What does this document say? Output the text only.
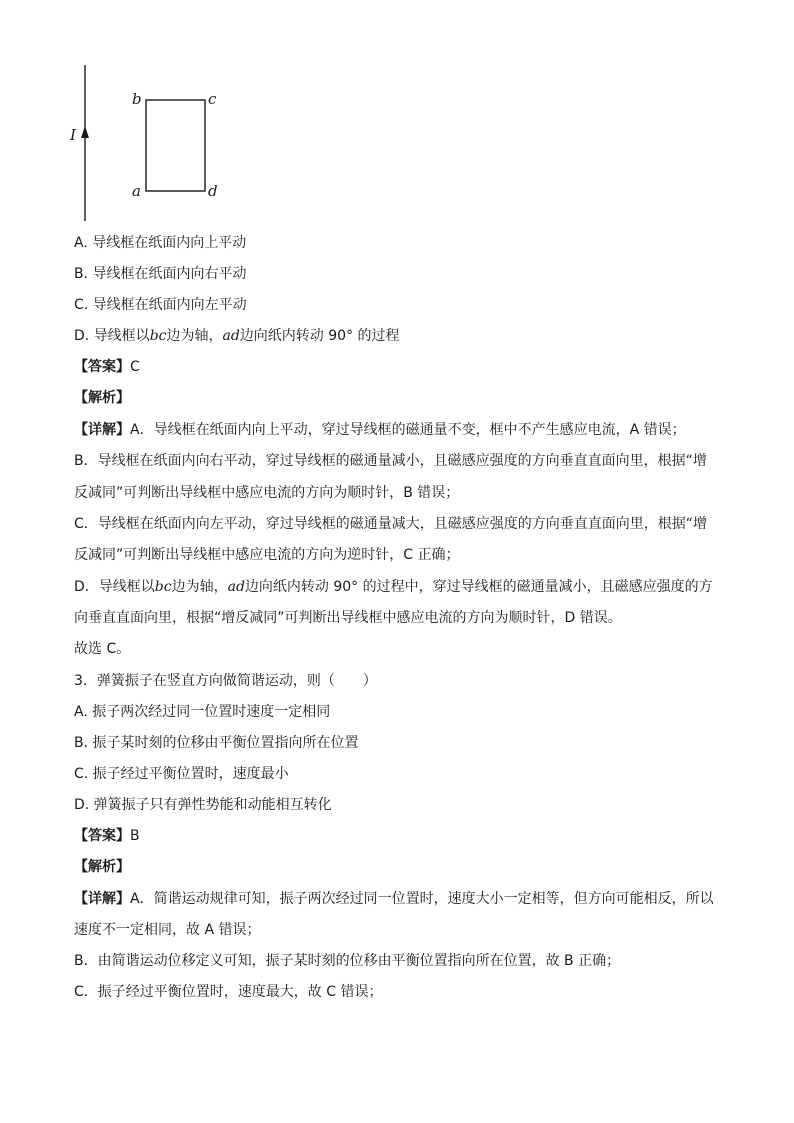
I
b	c
a	d
A. 导线框在纸面内向上平动
B. 导线框在纸面内向右平动
C. 导线框在纸面内向左平动
D. 导线框以bc边为轴，ad边向纸内转动 90° 的过程
【答案】C
【解析】
【详解】A．导线框在纸面内向上平动，穿过导线框的磁通量不变，框中不产生感应电流，A 错误；
B．导线框在纸面内向右平动，穿过导线框的磁通量减小，且磁感应强度的方向垂直直面向里，根据“增
反减同”可判断出导线框中感应电流的方向为顺时针，B 错误；
C．导线框在纸面内向左平动，穿过导线框的磁通量减大，且磁感应强度的方向垂直直面向里，根据“增
反减同”可判断出导线框中感应电流的方向为逆时针，C 正确；
D．导线框以bc边为轴，ad边向纸内转动 90° 的过程中，穿过导线框的磁通量减小，且磁感应强度的方
向垂直直面向里，根据“增反减同”可判断出导线框中感应电流的方向为顺时针，D 错误。
故选 C。
3．弹簧振子在竖直方向做简谐运动，则（　　）
A. 振子两次经过同一位置时速度一定相同
B. 振子某时刻的位移由平衡位置指向所在位置
C. 振子经过平衡位置时，速度最小
D. 弹簧振子只有弹性势能和动能相互转化
【答案】B
【解析】
【详解】A．简谐运动规律可知，振子两次经过同一位置时，速度大小一定相等，但方向可能相反，所以
速度不一定相同，故 A 错误；
B．由简谐运动位移定义可知，振子某时刻的位移由平衡位置指向所在位置，故 B 正确；
C．振子经过平衡位置时，速度最大，故 C 错误；
